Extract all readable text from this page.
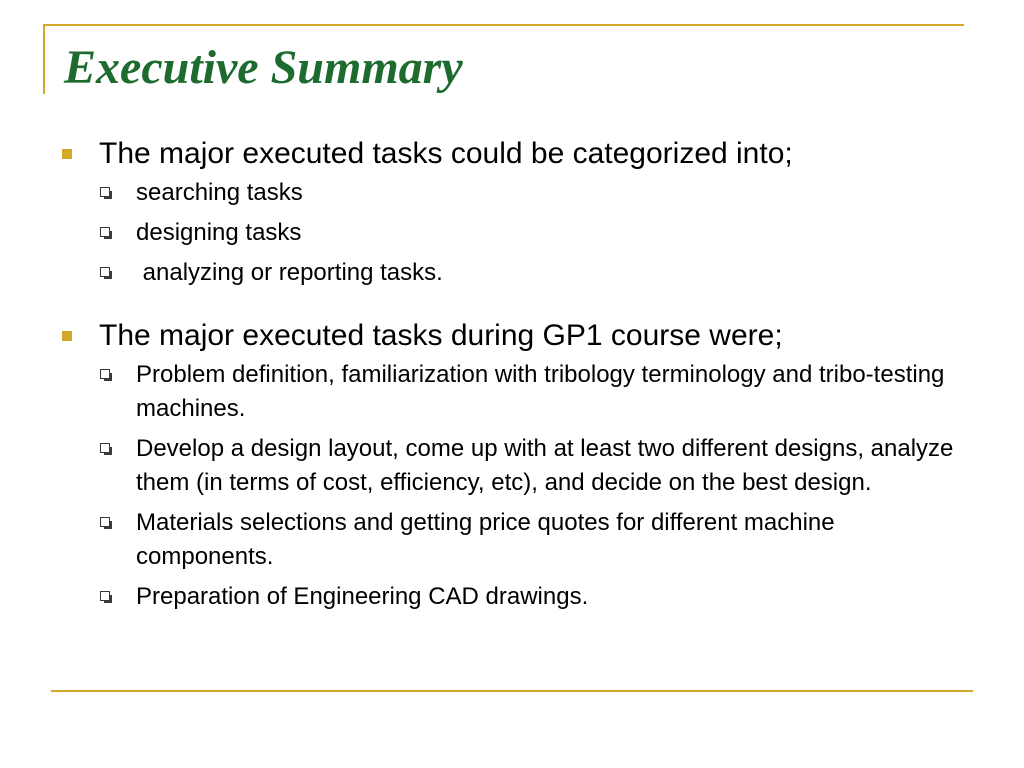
Executive Summary
The major executed tasks could be categorized into;
searching tasks
designing tasks
analyzing or reporting tasks.
The major executed tasks during GP1 course were;
Problem definition, familiarization with tribology terminology and tribo-testing machines.
Develop a design layout, come up with at least two different designs, analyze them (in terms of cost, efficiency, etc), and decide on the best design.
Materials selections and getting price quotes for different machine components.
Preparation of Engineering CAD drawings.
